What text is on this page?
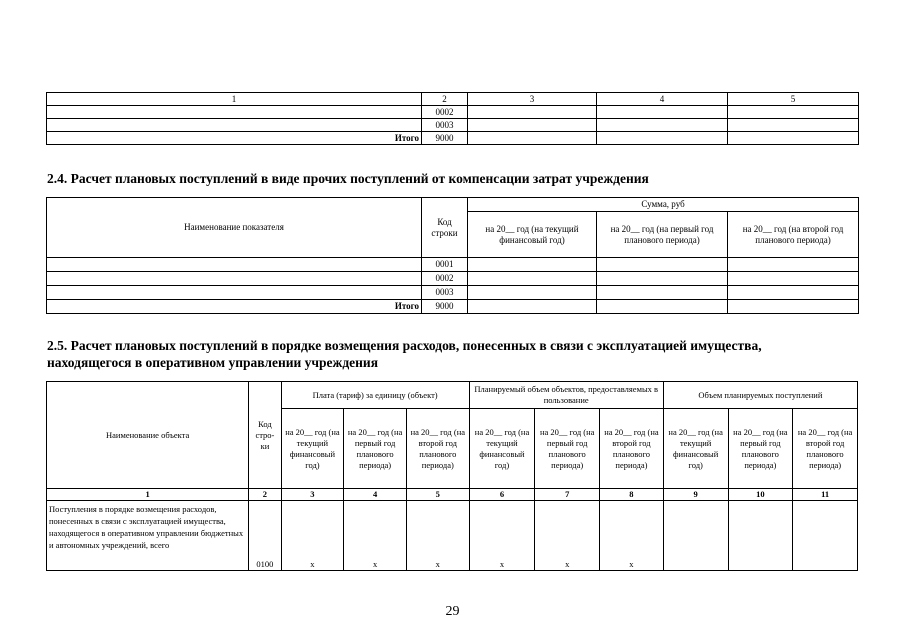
1	2	3	4	5
	0002			
	0003			
Итого	9000			

2.4. Расчет плановых поступлений в виде прочих поступлений от компенсации затрат учреждения

Наименование показателя	Код строки	Сумма, руб		
		на 20__ год (на текущий финансовый год)	на 20__ год (на первый год планового периода)	на 20__ год (на второй год планового периода)
	0001			
	0002			
	0003			
Итого	9000			

2.5. Расчет плановых поступлений в порядке возмещения расходов, понесенных в связи с эксплуатацией имущества,

находящегося в оперативном управлении учреждения

Наименование объекта	Код стро-ки	Плата (тариф) за единицу (объект)			Планируемый объем объектов, предоставляемых в пользование			Объем планируемых поступлений		
		на 20__ год (на текущий финансовый год)	на 20__ год (на первый год планового периода)	на 20__ год (на второй год планового периода)	на 20__ год (на текущий финансовый год)	на 20__ год (на первый год планового периода)	на 20__ год (на второй год планового периода)	на 20__ год (на текущий финансовый год)	на 20__ год (на первый год планового периода)	на 20__ год (на второй год планового периода)
1	2	3	4	5	6	7	8	9	10	11
Поступления в порядке возмещения расходов, понесенных в связи с эксплуатацией имущества, находящегося в оперативном управлении бюджетных и автономных учреждений, всего	0100	x	x	x	x	x	x			
29
